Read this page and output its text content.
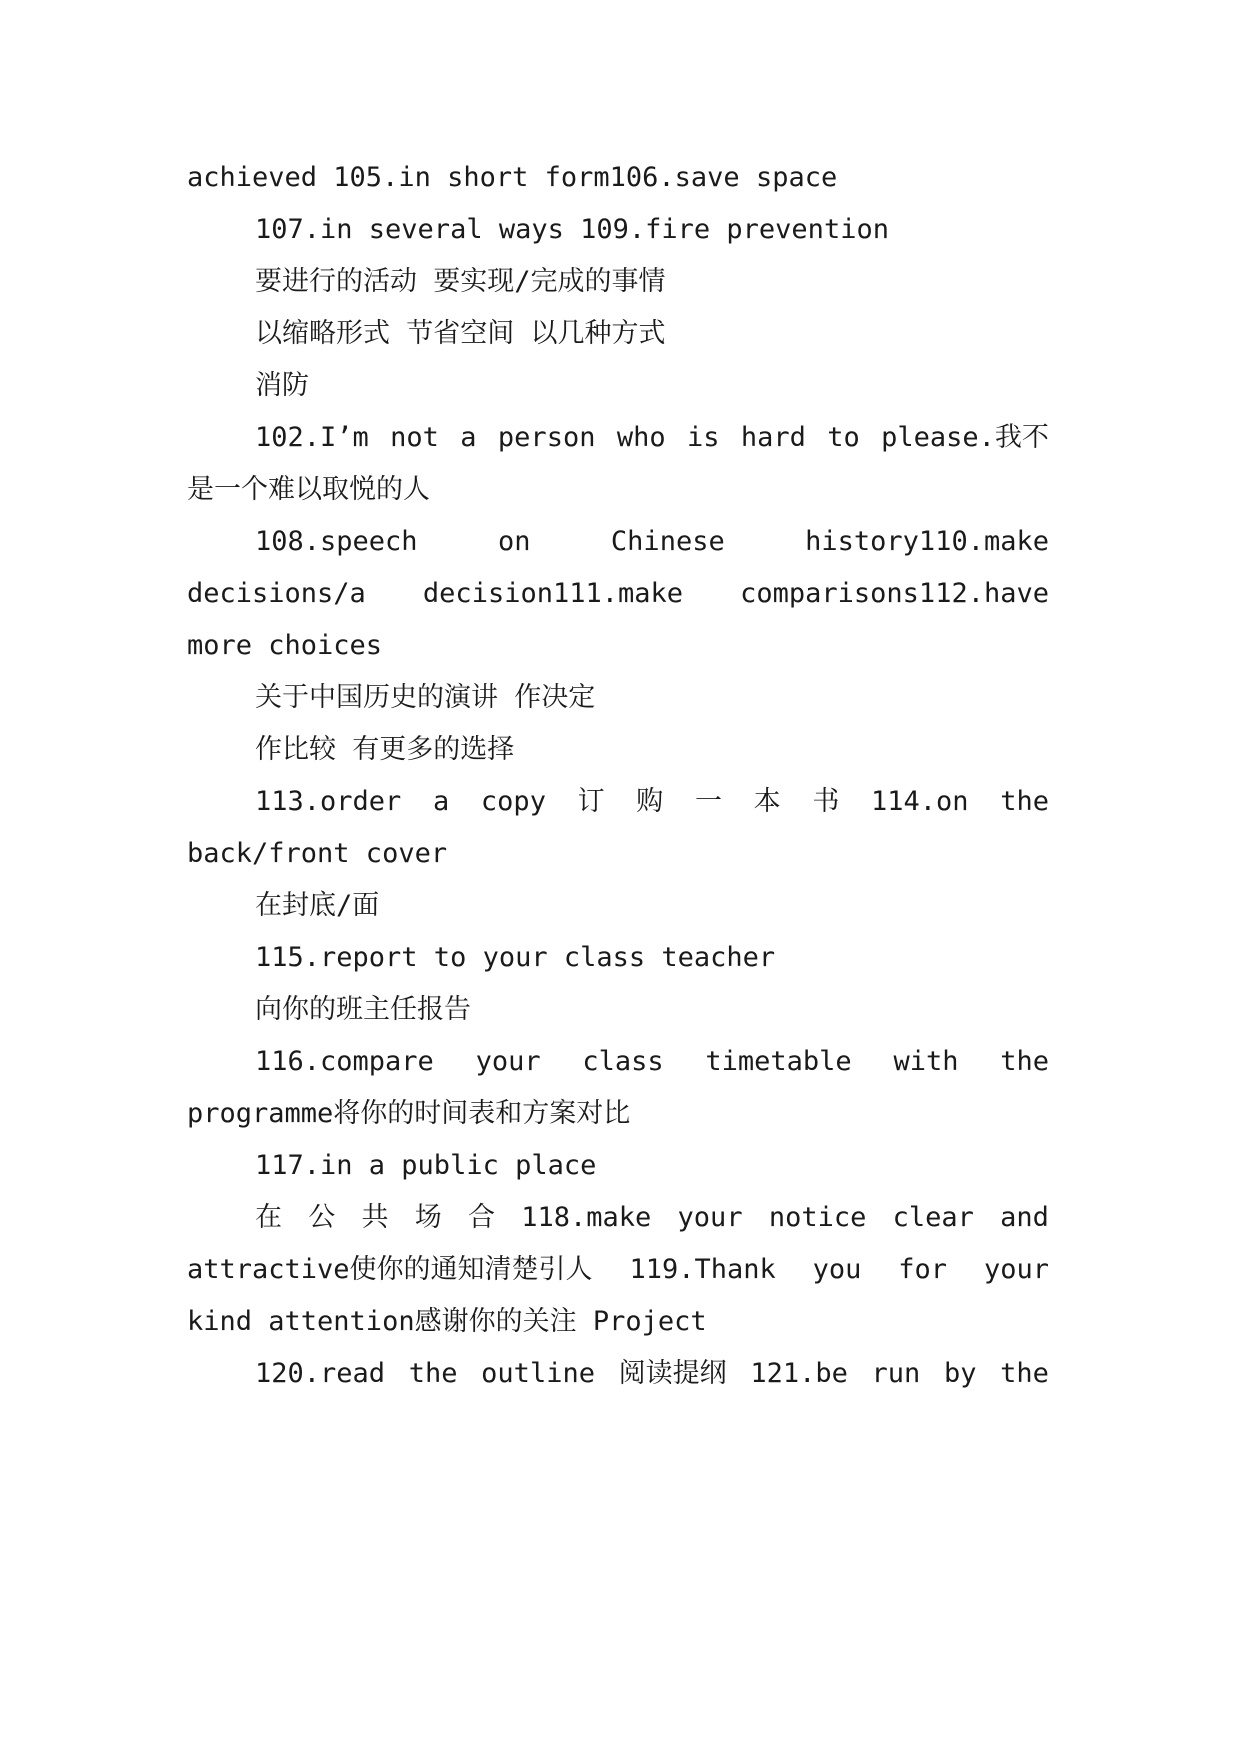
achieved 105.in short form106.save space
107.in several ways 109.fire prevention
要进行的活动 要实现/完成的事情
以缩略形式 节省空间 以几种方式
消防
102.I’m not a person who is hard to please.我不
是一个难以取悦的人
108.speech	on	Chinese	history110.make
decisions/a decision111.make comparisons112.have
more choices
关于中国历史的演讲 作决定
作比较 有更多的选择
113.order a copy 订 购 一 本 书 114.on the
back/front cover
在封底/面
115.report to your class teacher
向你的班主任报告
116.compare your class timetable with the
programme将你的时间表和方案对比
117.in a public place
在 公 共 场 合 118.make your notice clear and
attractive使你的通知清楚引人 119.Thank you for your
kind attention感谢你的关注 Project
120.read the outline 阅读提纲 121.be run by the
